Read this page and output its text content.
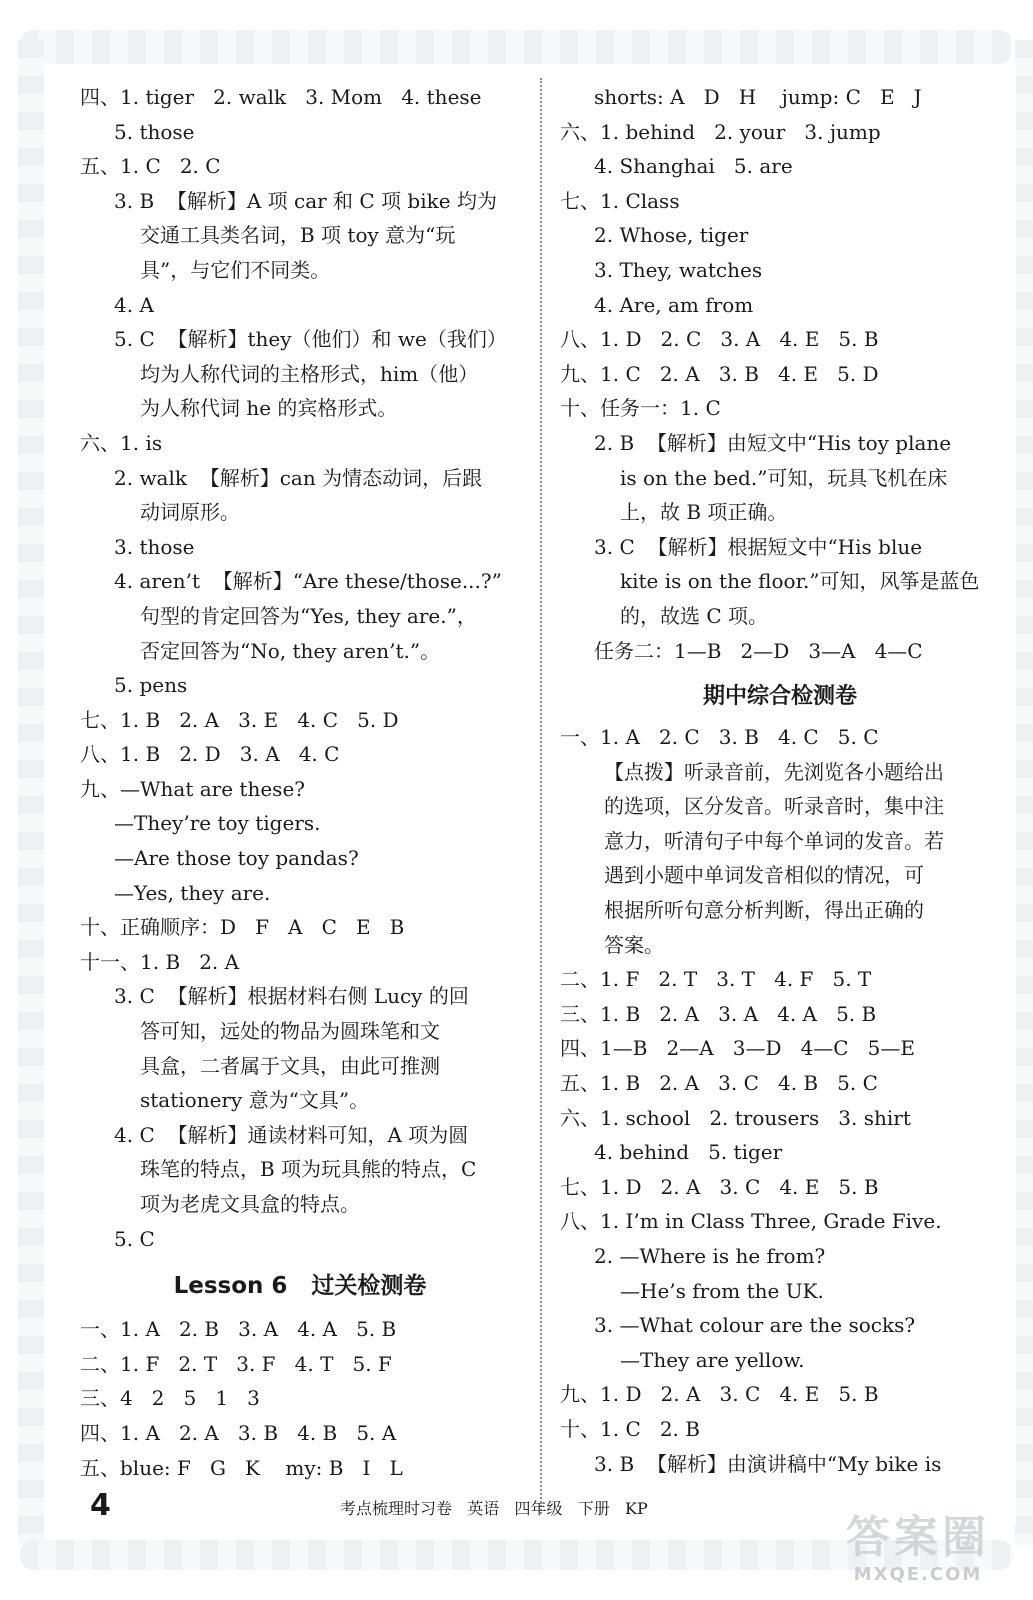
四、1. tiger   2. walk   3. Mom   4. these
5. those
五、1. C   2. C
3. B  【解析】A 项 car 和 C 项 bike 均为
交通工具类名词，B 项 toy 意为“玩
具”，与它们不同类。
4. A
5. C  【解析】they（他们）和 we（我们）
均为人称代词的主格形式，him（他）
为人称代词 he 的宾格形式。
六、1. is
2. walk  【解析】can 为情态动词，后跟
动词原形。
3. those
4. aren’t  【解析】“Are these/those...?”
句型的肯定回答为“Yes, they are.”，
否定回答为“No, they aren’t.”。
5. pens
七、1. B   2. A   3. E   4. C   5. D
八、1. B   2. D   3. A   4. C
九、—What are these?
—They’re toy tigers.
—Are those toy pandas?
—Yes, they are.
十、正确顺序：D   F   A   C   E   B
十一、1. B   2. A
3. C  【解析】根据材料右侧 Lucy 的回
答可知，远处的物品为圆珠笔和文
具盒，二者属于文具，由此可推测
stationery 意为“文具”。
4. C  【解析】通读材料可知，A 项为圆
珠笔的特点，B 项为玩具熊的特点，C
项为老虎文具盒的特点。
5. C
Lesson 6   过关检测卷
一、1. A   2. B   3. A   4. A   5. B
二、1. F   2. T   3. F   4. T   5. F
三、4   2   5   1   3
四、1. A   2. A   3. B   4. B   5. A
五、blue: F   G   K    my: B   I   L
shorts: A   D   H    jump: C   E   J
六、1. behind   2. your   3. jump
4. Shanghai   5. are
七、1. Class
2. Whose, tiger
3. They, watches
4. Are, am from
八、1. D   2. C   3. A   4. E   5. B
九、1. C   2. A   3. B   4. E   5. D
十、任务一：1. C
2. B  【解析】由短文中“His toy plane
is on the bed.”可知，玩具飞机在床
上，故 B 项正确。
3. C  【解析】根据短文中“His blue
kite is on the floor.”可知，风筝是蓝色
的，故选 C 项。
任务二：1—B   2—D   3—A   4—C
期中综合检测卷
一、1. A   2. C   3. B   4. C   5. C
【点拨】听录音前，先浏览各小题给出
的选项，区分发音。听录音时，集中注
意力，听清句子中每个单词的发音。若
遇到小题中单词发音相似的情况，可
根据所听句意分析判断，得出正确的
答案。
二、1. F   2. T   3. T   4. F   5. T
三、1. B   2. A   3. A   4. A   5. B
四、1—B   2—A   3—D   4—C   5—E
五、1. B   2. A   3. C   4. B   5. C
六、1. school   2. trousers   3. shirt
4. behind   5. tiger
七、1. D   2. A   3. C   4. E   5. B
八、1. I’m in Class Three, Grade Five.
2. —Where is he from?
—He’s from the UK.
3. —What colour are the socks?
—They are yellow.
九、1. D   2. A   3. C   4. E   5. B
十、1. C   2. B
3. B  【解析】由演讲稿中“My bike is
4	考点梳理时习卷   英语   四年级   下册   KP
答案圈
MXQE.COM
